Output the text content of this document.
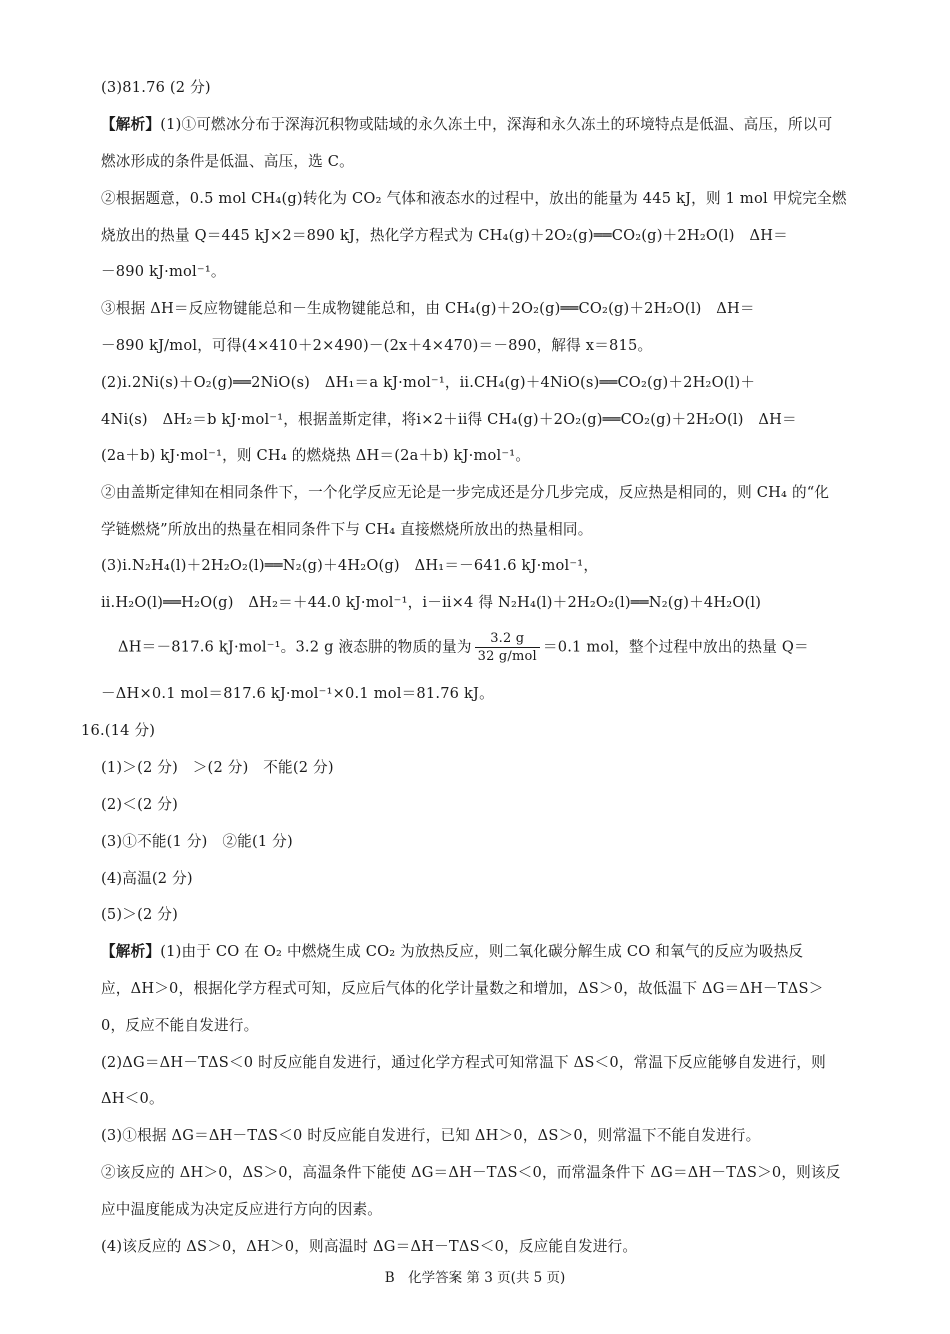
(3)81.76 (2 分)
【解析】(1)①可燃冰分布于深海沉积物或陆域的永久冻土中，深海和永久冻土的环境特点是低温、高压，所以可
燃冰形成的条件是低温、高压，选 C。
②根据题意，0.5 mol CH₄(g)转化为 CO₂ 气体和液态水的过程中，放出的能量为 445 kJ，则 1 mol 甲烷完全燃
烧放出的热量 Q＝445 kJ×2＝890 kJ，热化学方程式为 CH₄(g)＋2O₂(g)══CO₂(g)＋2H₂O(l)　ΔH＝
－890 kJ·mol⁻¹。
③根据 ΔH＝反应物键能总和－生成物键能总和，由 CH₄(g)＋2O₂(g)══CO₂(g)＋2H₂O(l)　ΔH＝
－890 kJ/mol，可得(4×410＋2×490)－(2x＋4×470)＝－890，解得 x＝815。
(2)ⅰ.2Ni(s)＋O₂(g)══2NiO(s)　ΔH₁＝a kJ·mol⁻¹，ⅱ.CH₄(g)＋4NiO(s)══CO₂(g)＋2H₂O(l)＋
4Ni(s)　ΔH₂＝b kJ·mol⁻¹，根据盖斯定律，将ⅰ×2＋ⅱ得 CH₄(g)＋2O₂(g)══CO₂(g)＋2H₂O(l)　ΔH＝
(2a＋b) kJ·mol⁻¹，则 CH₄ 的燃烧热 ΔH＝(2a＋b) kJ·mol⁻¹。
②由盖斯定律知在相同条件下，一个化学反应无论是一步完成还是分几步完成，反应热是相同的，则 CH₄ 的“化
学链燃烧”所放出的热量在相同条件下与 CH₄ 直接燃烧所放出的热量相同。
(3)ⅰ.N₂H₄(l)＋2H₂O₂(l)══N₂(g)＋4H₂O(g)　ΔH₁＝－641.6 kJ·mol⁻¹，
ⅱ.H₂O(l)══H₂O(g)　ΔH₂＝＋44.0 kJ·mol⁻¹，ⅰ－ⅱ×4 得 N₂H₄(l)＋2H₂O₂(l)══N₂(g)＋4H₂O(l)
ΔH＝－817.6 kJ·mol⁻¹。3.2 g 液态肼的物质的量为 $\frac{3.2 g}{\text{32 g/mol}} =0.1$ mol，整个过程中放出的热量 Q＝
－ΔH×0.1 mol＝817.6 kJ·mol⁻¹×0.1 mol＝81.76 kJ。
16.(14 分)
(1)＞(2 分)　＞(2 分)　不能(2 分)
(2)＜(2 分)
(3)①不能(1 分)　②能(1 分)
(4)高温(2 分)
(5)＞(2 分)
【解析】(1)由于 CO 在 O₂ 中燃烧生成 CO₂ 为放热反应，则二氧化碳分解生成 CO 和氧气的反应为吸热反
应，ΔH＞0，根据化学方程式可知，反应后气体的化学计量数之和增加，ΔS＞0，故低温下 ΔG＝ΔH－TΔS＞
0，反应不能自发进行。
(2)ΔG＝ΔH－TΔS＜0 时反应能自发进行，通过化学方程式可知常温下 ΔS＜0，常温下反应能够自发进行，则
ΔH＜0。
(3)①根据 ΔG＝ΔH－TΔS＜0 时反应能自发进行，已知 ΔH＞0，ΔS＞0，则常温下不能自发进行。
②该反应的 ΔH＞0，ΔS＞0，高温条件下能使 ΔG＝ΔH－TΔS＜0，而常温条件下 ΔG＝ΔH－TΔS＞0，则该反
应中温度能成为决定反应进行方向的因素。
(4)该反应的 ΔS＞0，ΔH＞0，则高温时 ΔG＝ΔH－TΔS＜0，反应能自发进行。
B　化学答案 第 3 页(共 5 页)
